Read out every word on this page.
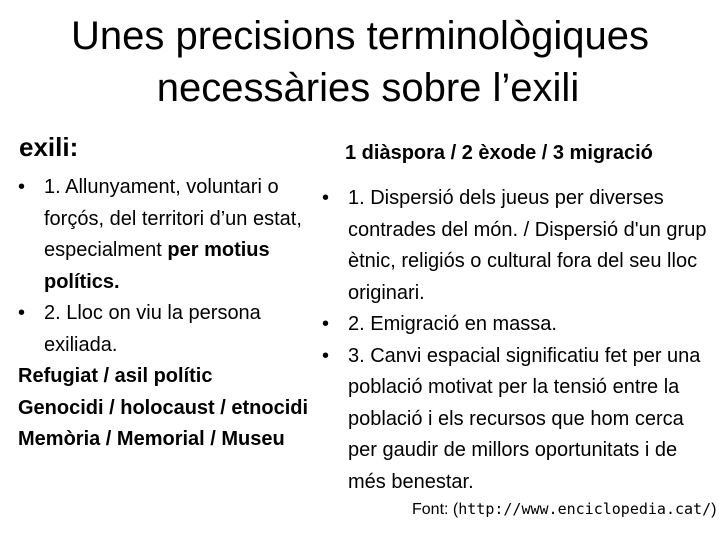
Unes precisions terminològiques
necessàries sobre l’exili
exili:	1 diàspora / 2 èxode / 3 migració
• 1. Allunyament, voluntari o forçós, del territori d’un estat, especialment per motius polítics.
• 2. Lloc on viu la persona exiliada.
Refugiat / asil polític
Genocidi / holocaust / etnocidi
Memòria / Memorial / Museu
• 1. Dispersió dels jueus per diverses contrades del món. / Dispersió d'un grup ètnic, religiós o cultural fora del seu lloc originari.
• 2. Emigració en massa.
• 3. Canvi espacial significatiu fet per una població motivat per la tensió entre la població i els recursos que hom cerca per gaudir de millors oportunitats i de més benestar.
Font: (http://www.enciclopedia.cat/)
